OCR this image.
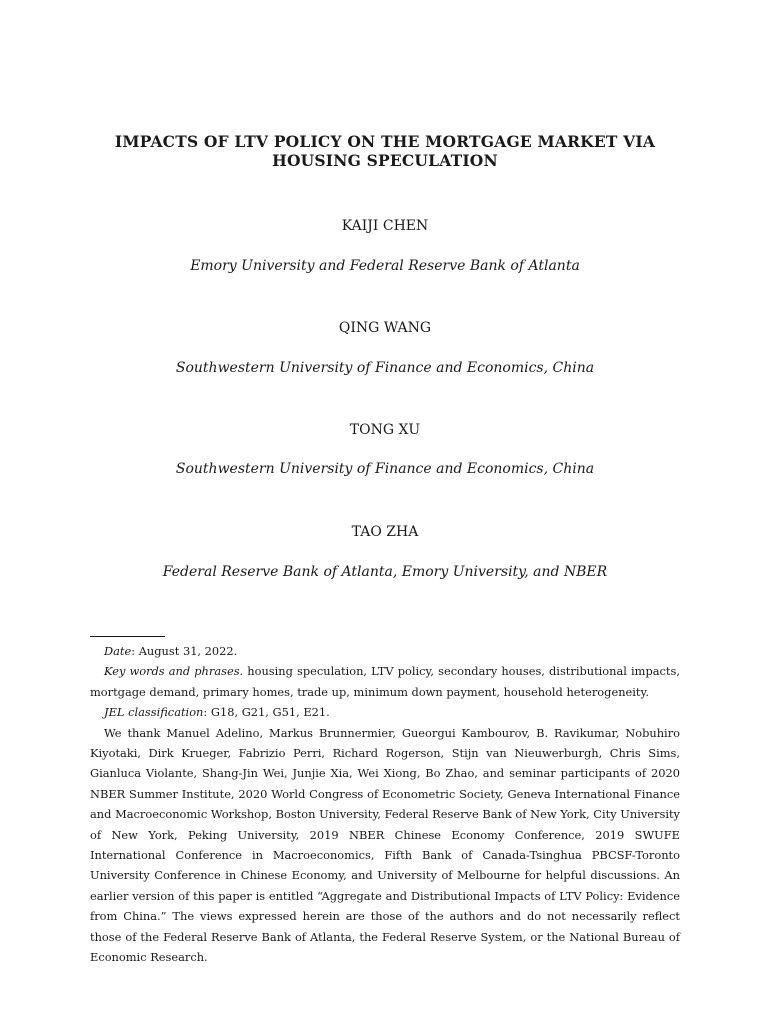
IMPACTS OF LTV POLICY ON THE MORTGAGE MARKET VIA
HOUSING SPECULATION
KAIJI CHEN
Emory University and Federal Reserve Bank of Atlanta
QING WANG
Southwestern University of Finance and Economics, China
TONG XU
Southwestern University of Finance and Economics, China
TAO ZHA
Federal Reserve Bank of Atlanta, Emory University, and NBER

Date: August 31, 2022.

Key words and phrases. housing speculation, LTV policy, secondary houses, distributional impacts, mortgage demand, primary homes, trade up, minimum down payment, household heterogeneity.

JEL classification: G18, G21, G51, E21.

We thank Manuel Adelino, Markus Brunnermier, Gueorgui Kambourov, B. Ravikumar, Nobuhiro Kiyotaki, Dirk Krueger, Fabrizio Perri, Richard Rogerson, Stijn van Nieuwerburgh, Chris Sims, Gianluca Violante, Shang-Jin Wei, Junjie Xia, Wei Xiong, Bo Zhao, and seminar participants of 2020 NBER Summer Institute, 2020 World Congress of Econometric Society, Geneva International Finance and Macroeconomic Workshop, Boston University, Federal Reserve Bank of New York, City University of New York, Peking University, 2019 NBER Chinese Economy Conference, 2019 SWUFE International Conference in Macroeconomics, Fifth Bank of Canada-Tsinghua PBCSF-Toronto University Conference in Chinese Economy, and University of Melbourne for helpful discussions. An earlier version of this paper is entitled “Aggregate and Distributional Impacts of LTV Policy: Evidence from China.” The views expressed herein are those of the authors and do not necessarily reflect those of the Federal Reserve Bank of Atlanta, the Federal Reserve System, or the National Bureau of Economic Research.
